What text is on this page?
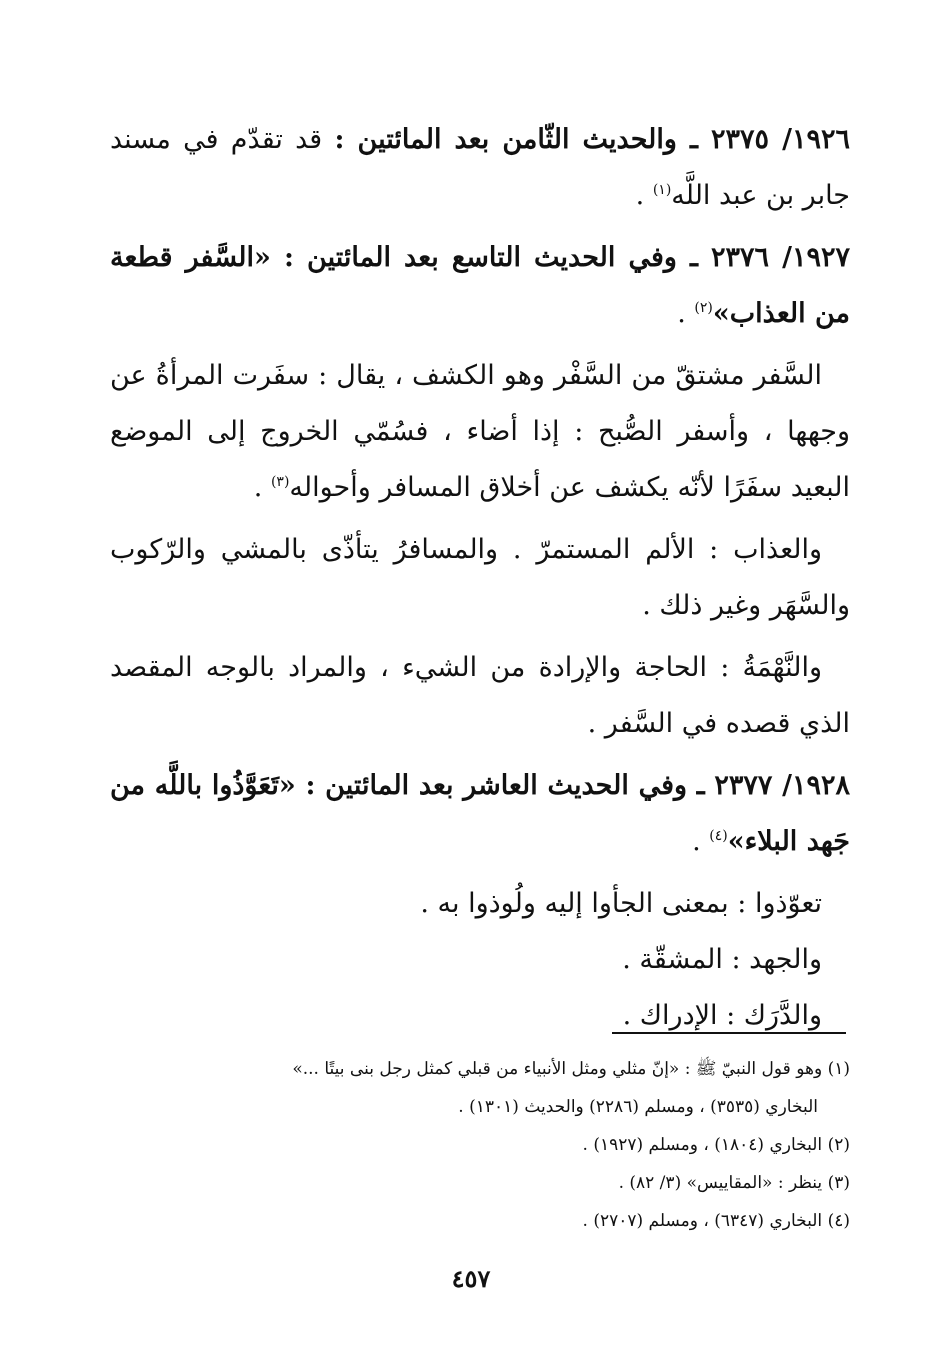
١٩٢٦/ ٢٣٧٥ ـ والحديث الثّامن بعد المائتين : قد تقدّم في مسند جابر بن عبد اللَّه$^{(١)}$ .

١٩٢٧/ ٢٣٧٦ ـ وفي الحديث التاسع بعد المائتين : «السَّفر قطعة من العذاب»$^{(٢)}$ .

السَّفر مشتقّ من السَّفْر وهو الكشف ، يقال : سفَرت المرأةُ عن وجهها ، وأسفر الصُّبح : إذا أضاء ، فسُمّي الخروج إلى الموضع البعيد سفَرًا لأنّه يكشف عن أخلاق المسافر وأحواله$^{(٣)}$ .

والعذاب : الألم المستمرّ . والمسافرُ يتأذّى بالمشي والرّكوب والسَّهَر وغير ذلك .

والنَّهْمَةُ : الحاجة والإرادة من الشيء ، والمراد بالوجه المقصد الذي قصده في السَّفر .

١٩٢٨/ ٢٣٧٧ ـ وفي الحديث العاشر بعد المائتين : «تَعَوَّذُوا باللَّه من جَهد البلاء»$^{(٤)}$ .

تعوّذوا : بمعنى الجأوا إليه ولُوذوا به .

والجهد : المشقّة .

والدَّرَك : الإدراك .

(١) وهو قول النبيّ ﷺ : «إنّ مثلي ومثل الأنبياء من قبلي كمثل رجل بنى بيتًا ...»
البخاري (٣٥٣٥) ، ومسلم (٢٢٨٦) والحديث (١٣٠١) .

(٢) البخاري (١٨٠٤) ، ومسلم (١٩٢٧) .

(٣) ينظر : «المقاييس» (٣/ ٨٢) .

(٤) البخاري (٦٣٤٧) ، ومسلم (٢٧٠٧) .

٤٥٧
